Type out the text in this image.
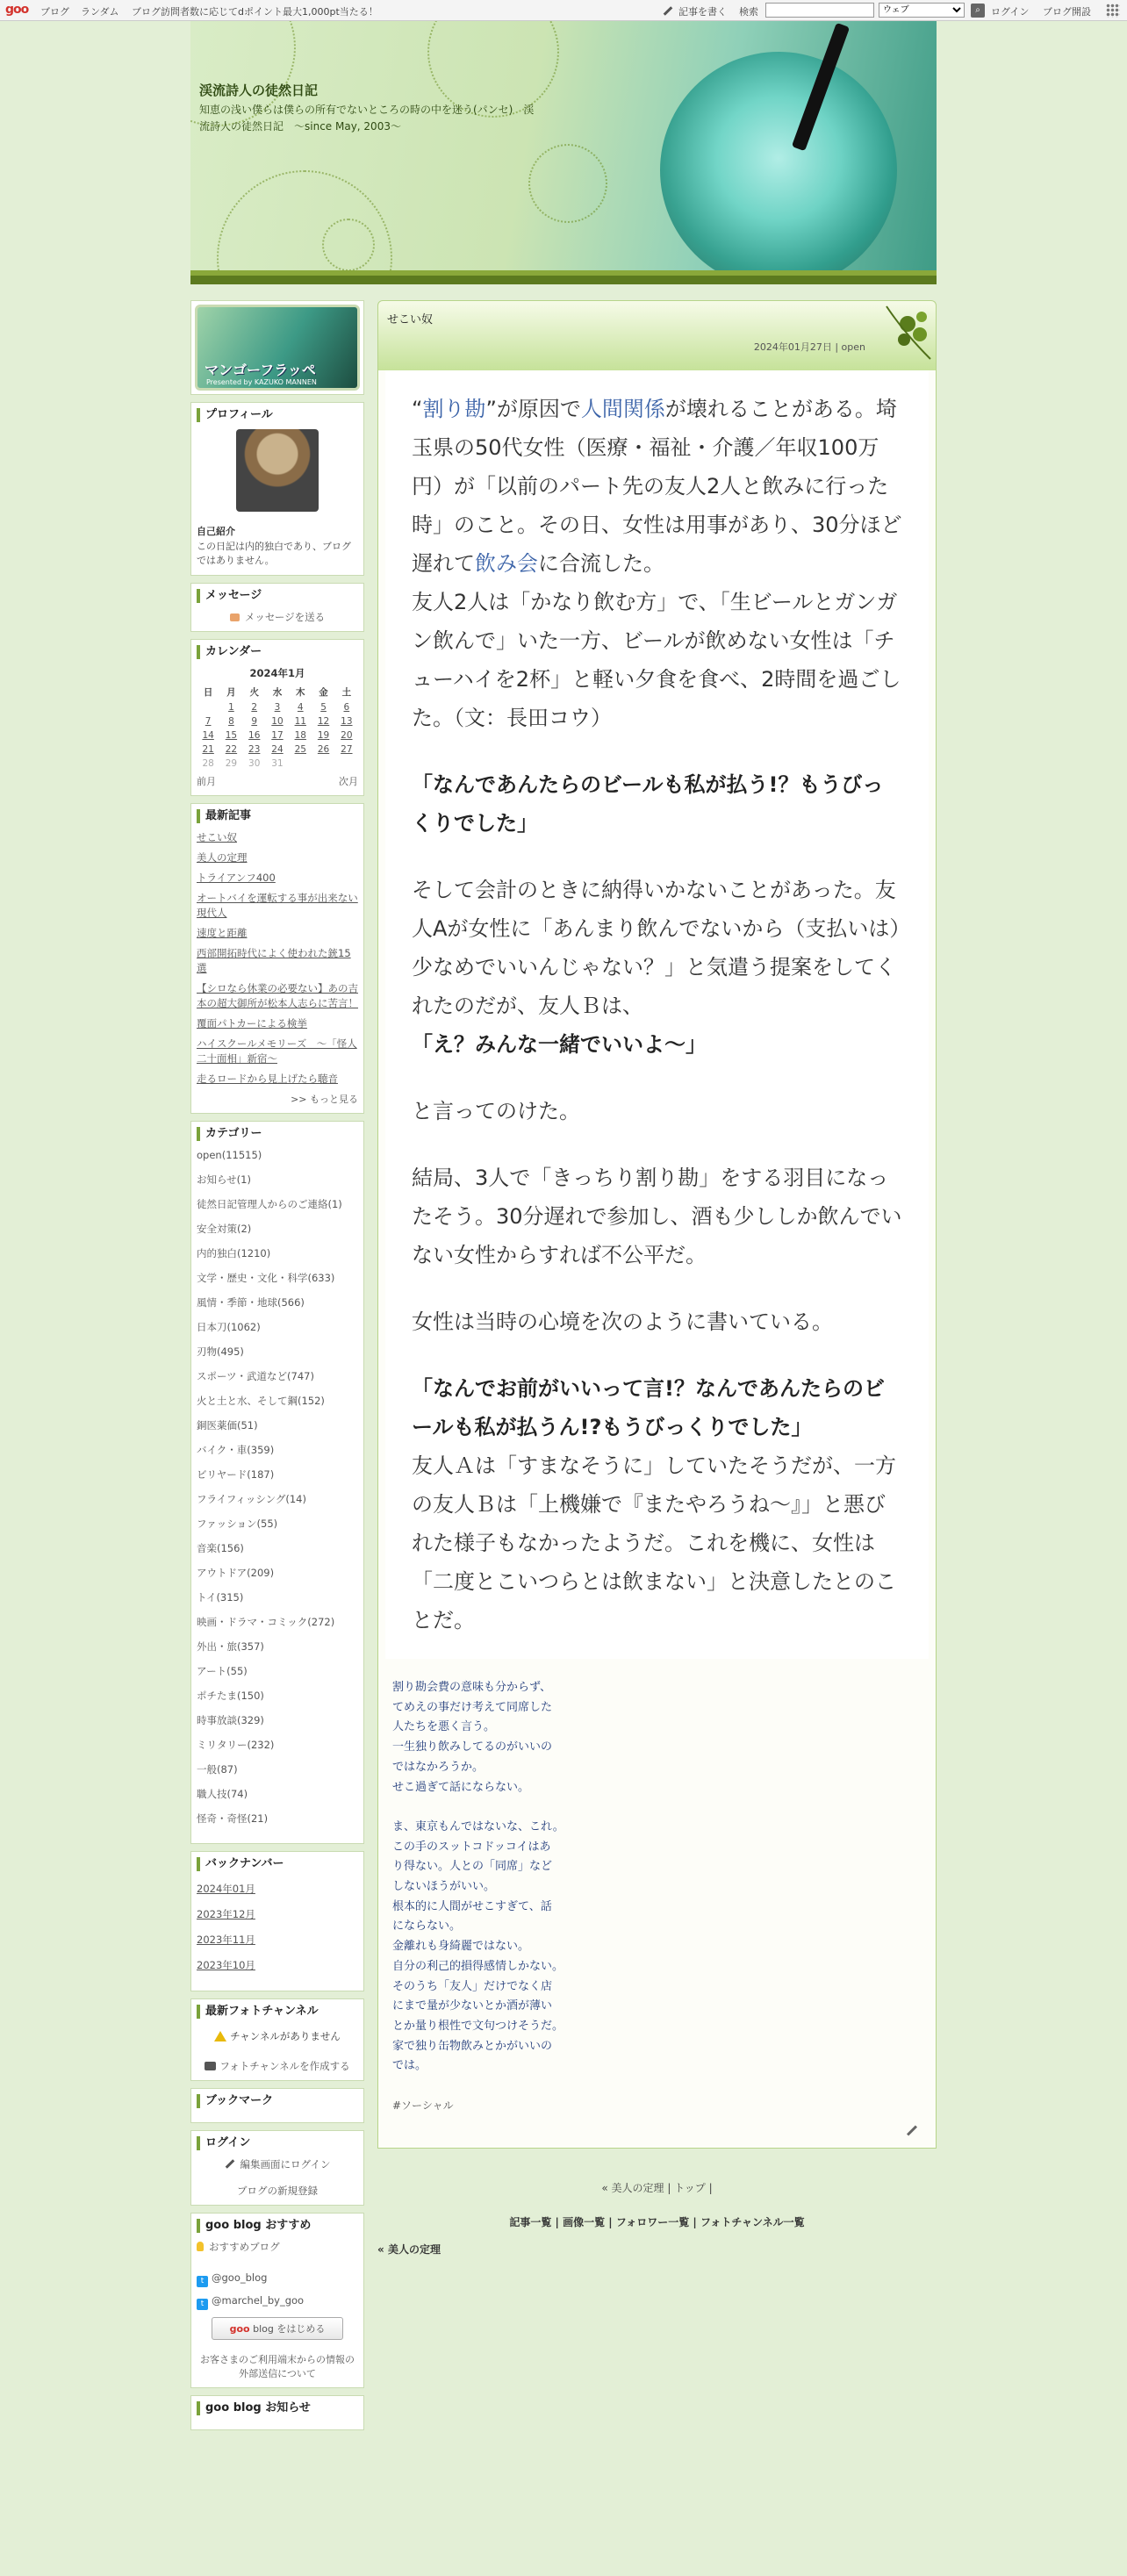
goo ブログ ランダム ブログ訪問者数に応じてdポイント最大1,000pt当たる！	記事を書く 検索
ウェブ	⌕	ログイン ブログ開設
渓流詩人の徒然日記
知恵の浅い僕らは僕らの所有でないところの時の中を迷う(パンセ)　渓流詩人の徒然日記　～since May, 2003～
マンゴーフラッペ
Presented by KAZUKO MANNEN
プロフィール
自己紹介
この日記は内的独白であり、ブログではありません。
メッセージ
メッセージを送る
カレンダー
2024年1月
日	月	火	水	木	金	土
	1	2	3	4	5	6
7	8	9	10	11	12	13
14	15	16	17	18	19	20
21	22	23	24	25	26	27
28	29	30	31			
前月	次月
最新記事
せこい奴
美人の定理
トライアンフ400
オートバイを運転する事が出来ない現代人
速度と距離
西部開拓時代によく使われた銃15選
【シロなら休業の必要ない】あの吉本の超大御所が松本人志らに苦言！
覆面パトカーによる検挙
ハイスクールメモリーズ　～「怪人二十面相」新宿～
走るロードから見上げたら聴音
>> もっと見る
カテゴリー
open(11515)
お知らせ(1)
徒然日記管理人からのご連絡(1)
安全対策(2)
内的独白(1210)
文学・歴史・文化・科学(633)
風情・季節・地球(566)
日本刀(1062)
刃物(495)
スポーツ・武道など(747)
火と土と水、そして鋼(152)
銅医薬価(51)
バイク・車(359)
ビリヤード(187)
フライフィッシング(14)
ファッション(55)
音楽(156)
アウトドア(209)
トイ(315)
映画・ドラマ・コミック(272)
外出・旅(357)
アート(55)
ポチたま(150)
時事放談(329)
ミリタリー(232)
一般(87)
職人技(74)
怪奇・奇怪(21)
バックナンバー
2024年01月
2023年12月
2023年11月
2023年10月
最新フォトチャンネル
チャンネルがありません
フォトチャンネルを作成する
ブックマーク
ログイン
編集画面にログイン
ブログの新規登録
goo blog おすすめ
おすすめブログ
t @goo_blog
t @marchel_by_goo
goo blog をはじめる
お客さまのご利用端末からの情報の外部送信について
goo blog お知らせ
せこい奴
2024年01月27日 | open

“割り勘”が原因で人間関係が壊れることがある。埼玉県の50代女性（医療・福祉・介護／年収100万円）が「以前のパート先の友人2人と飲みに行った時」のこと。その日、女性は用事があり、30分ほど遅れて飲み会に合流した。

友人2人は「かなり飲む方」で、「生ビールとガンガン飲んで」いた一方、ビールが飲めない女性は「チューハイを2杯」と軽い夕食を食べ、2時間を過ごした。（文：長田コウ）

「なんであんたらのビールも私が払う!？もうびっくりでした」

そして会計のときに納得いかないことがあった。友人Aが女性に「あんまり飲んでないから（支払いは）少なめでいいんじゃない？」と気遣う提案をしてくれたのだが、友人Ｂは、
「え？みんな一緒でいいよ～」

と言ってのけた。

結局、3人で「きっちり割り勘」をする羽目になったそう。30分遅れで参加し、酒も少ししか飲んでいない女性からすれば不公平だ。

女性は当時の心境を次のように書いている。

「なんでお前がいいって言!？なんであんたらのビールも私が払うん!?もうびっくりでした」

友人Ａは「すまなそうに」していたそうだが、一方の友人Ｂは「上機嫌で『またやろうね～』」と悪びれた様子もなかったようだ。これを機に、女性は「二度とこいつらとは飲まない」と決意したとのことだ。

割り勘会費の意味も分からず、
てめえの事だけ考えて同席した
人たちを悪く言う。
一生独り飲みしてるのがいいの
ではなかろうか。
せこ過ぎて話にならない。

ま、東京もんではないな、これ。
この手のスットコドッコイはあ
り得ない。人との「同席」など
しないほうがいい。
根本的に人間がせこすぎて、話
にならない。
金離れも身綺麗ではない。
自分の利己的損得感情しかない。
そのうち「友人」だけでなく店
にまで量が少ないとか酒が薄い
とか量り根性で文句つけそうだ。
家で独り缶物飲みとかがいいの
では。
#ソーシャル
« 美人の定理 | トップ |
記事一覧 | 画像一覧 | フォロワー一覧 | フォトチャンネル一覧
« 美人の定理
